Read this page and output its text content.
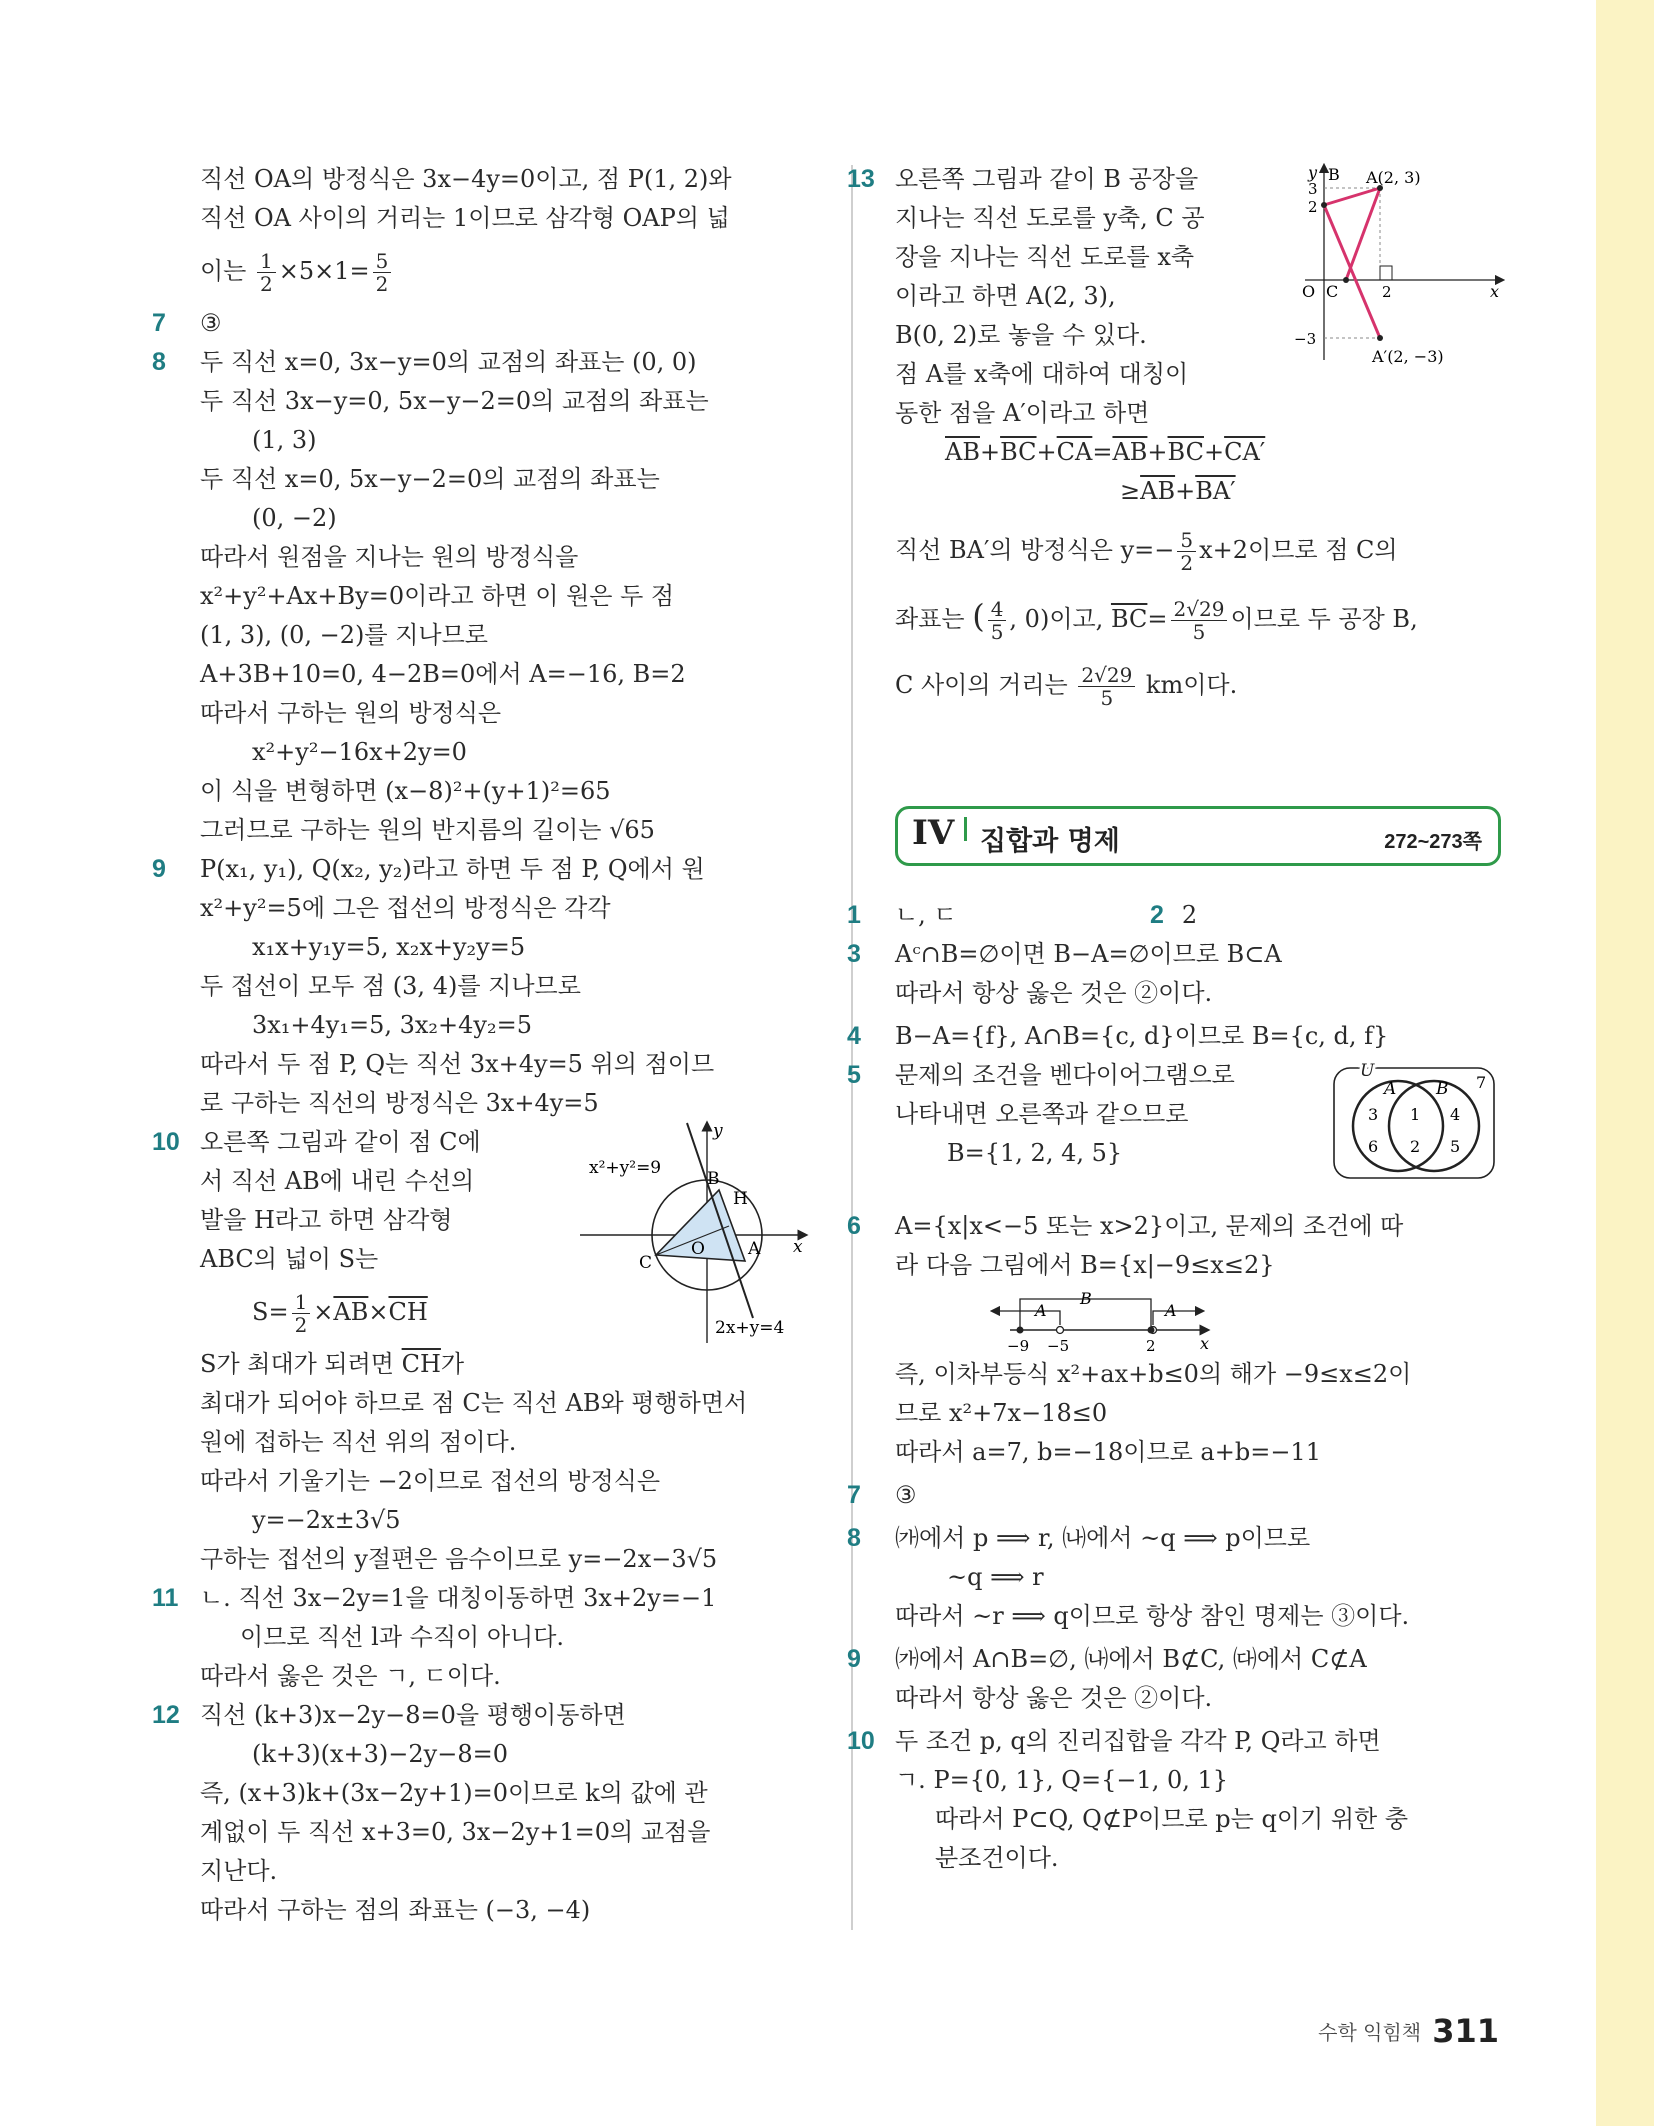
직선 OA의 방정식은 3x−4y=0이고, 점 P(1, 2)와
직선 OA 사이의 거리는 1이므로 삼각형 OAP의 넓
이는 $\frac{1}{2} \times 5\times 1= \frac{5}{2}$
7	③
8	두 직선 x=0, 3x−y=0의 교점의 좌표는 (0, 0)
두 직선 3x−y=0, 5x−y−2=0의 교점의 좌표는
(1, 3)
두 직선 x=0, 5x−y−2=0의 교점의 좌표는
(0, −2)
따라서 원점을 지나는 원의 방정식을
x²+y²+Ax+By=0이라고 하면 이 원은 두 점
(1, 3), (0, −2)를 지나므로
A+3B+10=0, 4−2B=0에서 A=−16, B=2
따라서 구하는 원의 방정식은
x²+y²−16x+2y=0
이 식을 변형하면 (x−8)²+(y+1)²=65
그러므로 구하는 원의 반지름의 길이는 √65
9	P(x₁, y₁), Q(x₂, y₂)라고 하면 두 점 P, Q에서 원
x²+y²=5에 그은 접선의 방정식은 각각
x₁x+y₁y=5, x₂x+y₂y=5
두 접선이 모두 점 (3, 4)를 지나므로
3x₁+4y₁=5, 3x₂+4y₂=5
따라서 두 점 P, Q는 직선 3x+4y=5 위의 점이므
로 구하는 직선의 방정식은 3x+4y=5
10 오른쪽 그림과 같이 점 C에
서 직선 AB에 내린 수선의
발을 H라고 하면 삼각형
ABC의 넓이 S는
$S= \frac{1}{2} \times\overline{AB}\times\overline{CH}$
S가 최대가 되려면 $\overline{CH}$가
최대가 되어야 하므로 점 C는 직선 AB와 평행하면서
원에 접하는 직선 위의 점이다.
따라서 기울기는 −2이므로 접선의 방정식은
y=−2x±3√5
구하는 접선의 y절편은 음수이므로 y=−2x−3√5
y
x
x²+y²=9
B
H
A
O
C
2x+y=4
11 ㄴ. 직선 3x−2y=1을 대칭이동하면 3x+2y=−1
이므로 직선 l과 수직이 아니다.
따라서 옳은 것은 ㄱ, ㄷ이다.
12 직선 (k+3)x−2y−8=0을 평행이동하면
(k+3)(x+3)−2y−8=0
즉, (x+3)k+(3x−2y+1)=0이므로 k의 값에 관
계없이 두 직선 x+3=0, 3x−2y+1=0의 교점을
지난다.
따라서 구하는 점의 좌표는 (−3, −4)
13 오른쪽 그림과 같이 B 공장을
지나는 직선 도로를 y축, C 공
장을 지나는 직선 도로를 x축
이라고 하면 A(2, 3),
B(0, 2)로 놓을 수 있다.
점 A를 x축에 대하여 대칭이
동한 점을 A′이라고 하면
$\overline{AB}+\overline{BC}+\overline{CA}=\overline{AB}+\overline{BC}+CA'$
$\ge\overline{AB}+BA'$
직선 BA′의 방정식은 $y=- \frac{5}{2} x+2$이므로 점 C의
좌표는 ( $\frac{4}{5}$ , 0)이고, $\overline{BC}= \frac{2√29}{5}$ 이므로 두 공장 B,
C 사이의 거리는 $\frac{2√29}{5}$ km이다.
y B A(2, 3)
3
2
O C	2	x
−3
A′(2, −3)
IV 집합과 명제	272~273쪽
1	ㄴ, ㄷ	2 2
3	Aᶜ∩B=∅이면 B−A=∅이므로 B⊂A
따라서 항상 옳은 것은 ②이다.
4	B−A={f}, A∩B={c, d}이므로 B={c, d, f}
5	문제의 조건을 벤다이어그램으로
나타내면 오른쪽과 같으므로
B={1, 2, 4, 5}
U
A B 7
3 1 4
6 2 5
6	A={x|x<−5 또는 x>2}이고, 문제의 조건에 따
라 다음 그림에서 B={x|−9≤x≤2}
A
B
A
−9 −5	2	x
즉, 이차부등식 x²+ax+b≤0의 해가 −9≤x≤2이
므로 x²+7x−18≤0
따라서 a=7, b=−18이므로 a+b=−11
7	③
8	㈎에서 p ⟹ r, ㈏에서 ~q ⟹ p이므로
~q ⟹ r
따라서 ~r ⟹ q이므로 항상 참인 명제는 ③이다.
9	㈎에서 A∩B=∅, ㈏에서 B⊄C, ㈐에서 C⊄A
따라서 항상 옳은 것은 ②이다.
10 두 조건 p, q의 진리집합을 각각 P, Q라고 하면
ㄱ. P={0, 1}, Q={−1, 0, 1}
따라서 P⊂Q, Q⊄P이므로 p는 q이기 위한 충
분조건이다.
수학 익힘책 311
